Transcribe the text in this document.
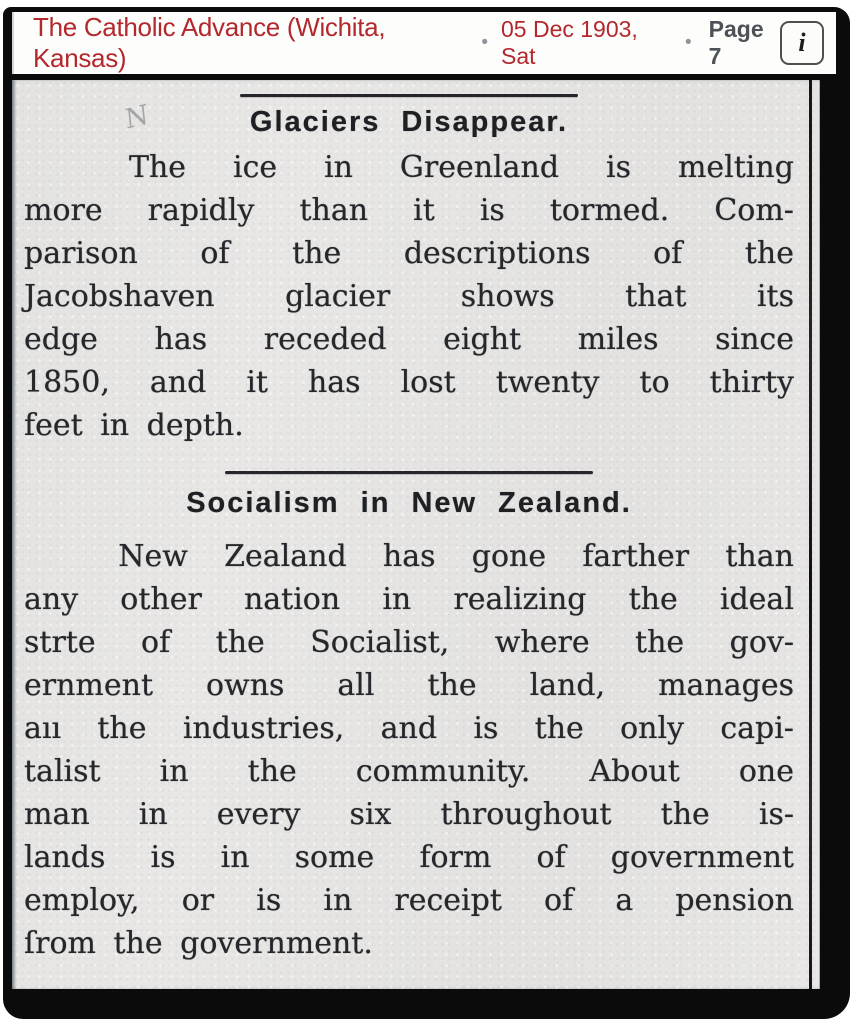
The Catholic Advance (Wichita, Kansas)
•
05 Dec 1903, Sat
•
Page 7	i
N	Glaciers Disappear.
The ice in Greenland is melting
more rapidly than it is tormed. Com-
parison of the descriptions of the
Jacobshaven glacier shows that its
edge has receded eight miles since
1850, and it has lost twenty to thirty
feet in depth.
Socialism in New Zealand.
New Zealand has gone farther than
any other nation in realizing the ideal
strte of the Socialist, where the gov-
ernment owns all the land, manages
aıı the industries, and is the only capi-
talist in the community. About one
man in every six throughout the is-
lands is in some form of government
employ, or is in receipt of a pension
ſrom the government.
